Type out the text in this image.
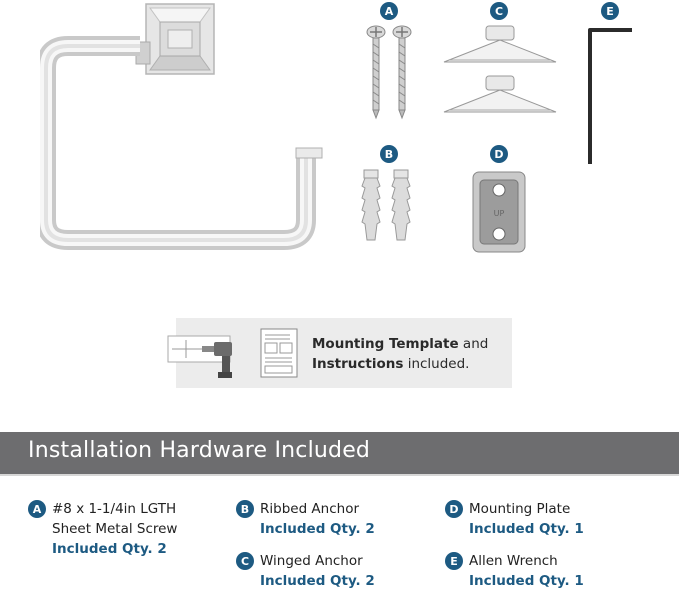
A	C	E
B	D
UP
Mounting Template and
Instructions included.
Installation Hardware Included
A #8 x 1-1/4in LGTH
Sheet Metal Screw
Included Qty. 2
B Ribbed Anchor
Included Qty. 2
C Winged Anchor
Included Qty. 2
D Mounting Plate
Included Qty. 1
E Allen Wrench
Included Qty. 1
